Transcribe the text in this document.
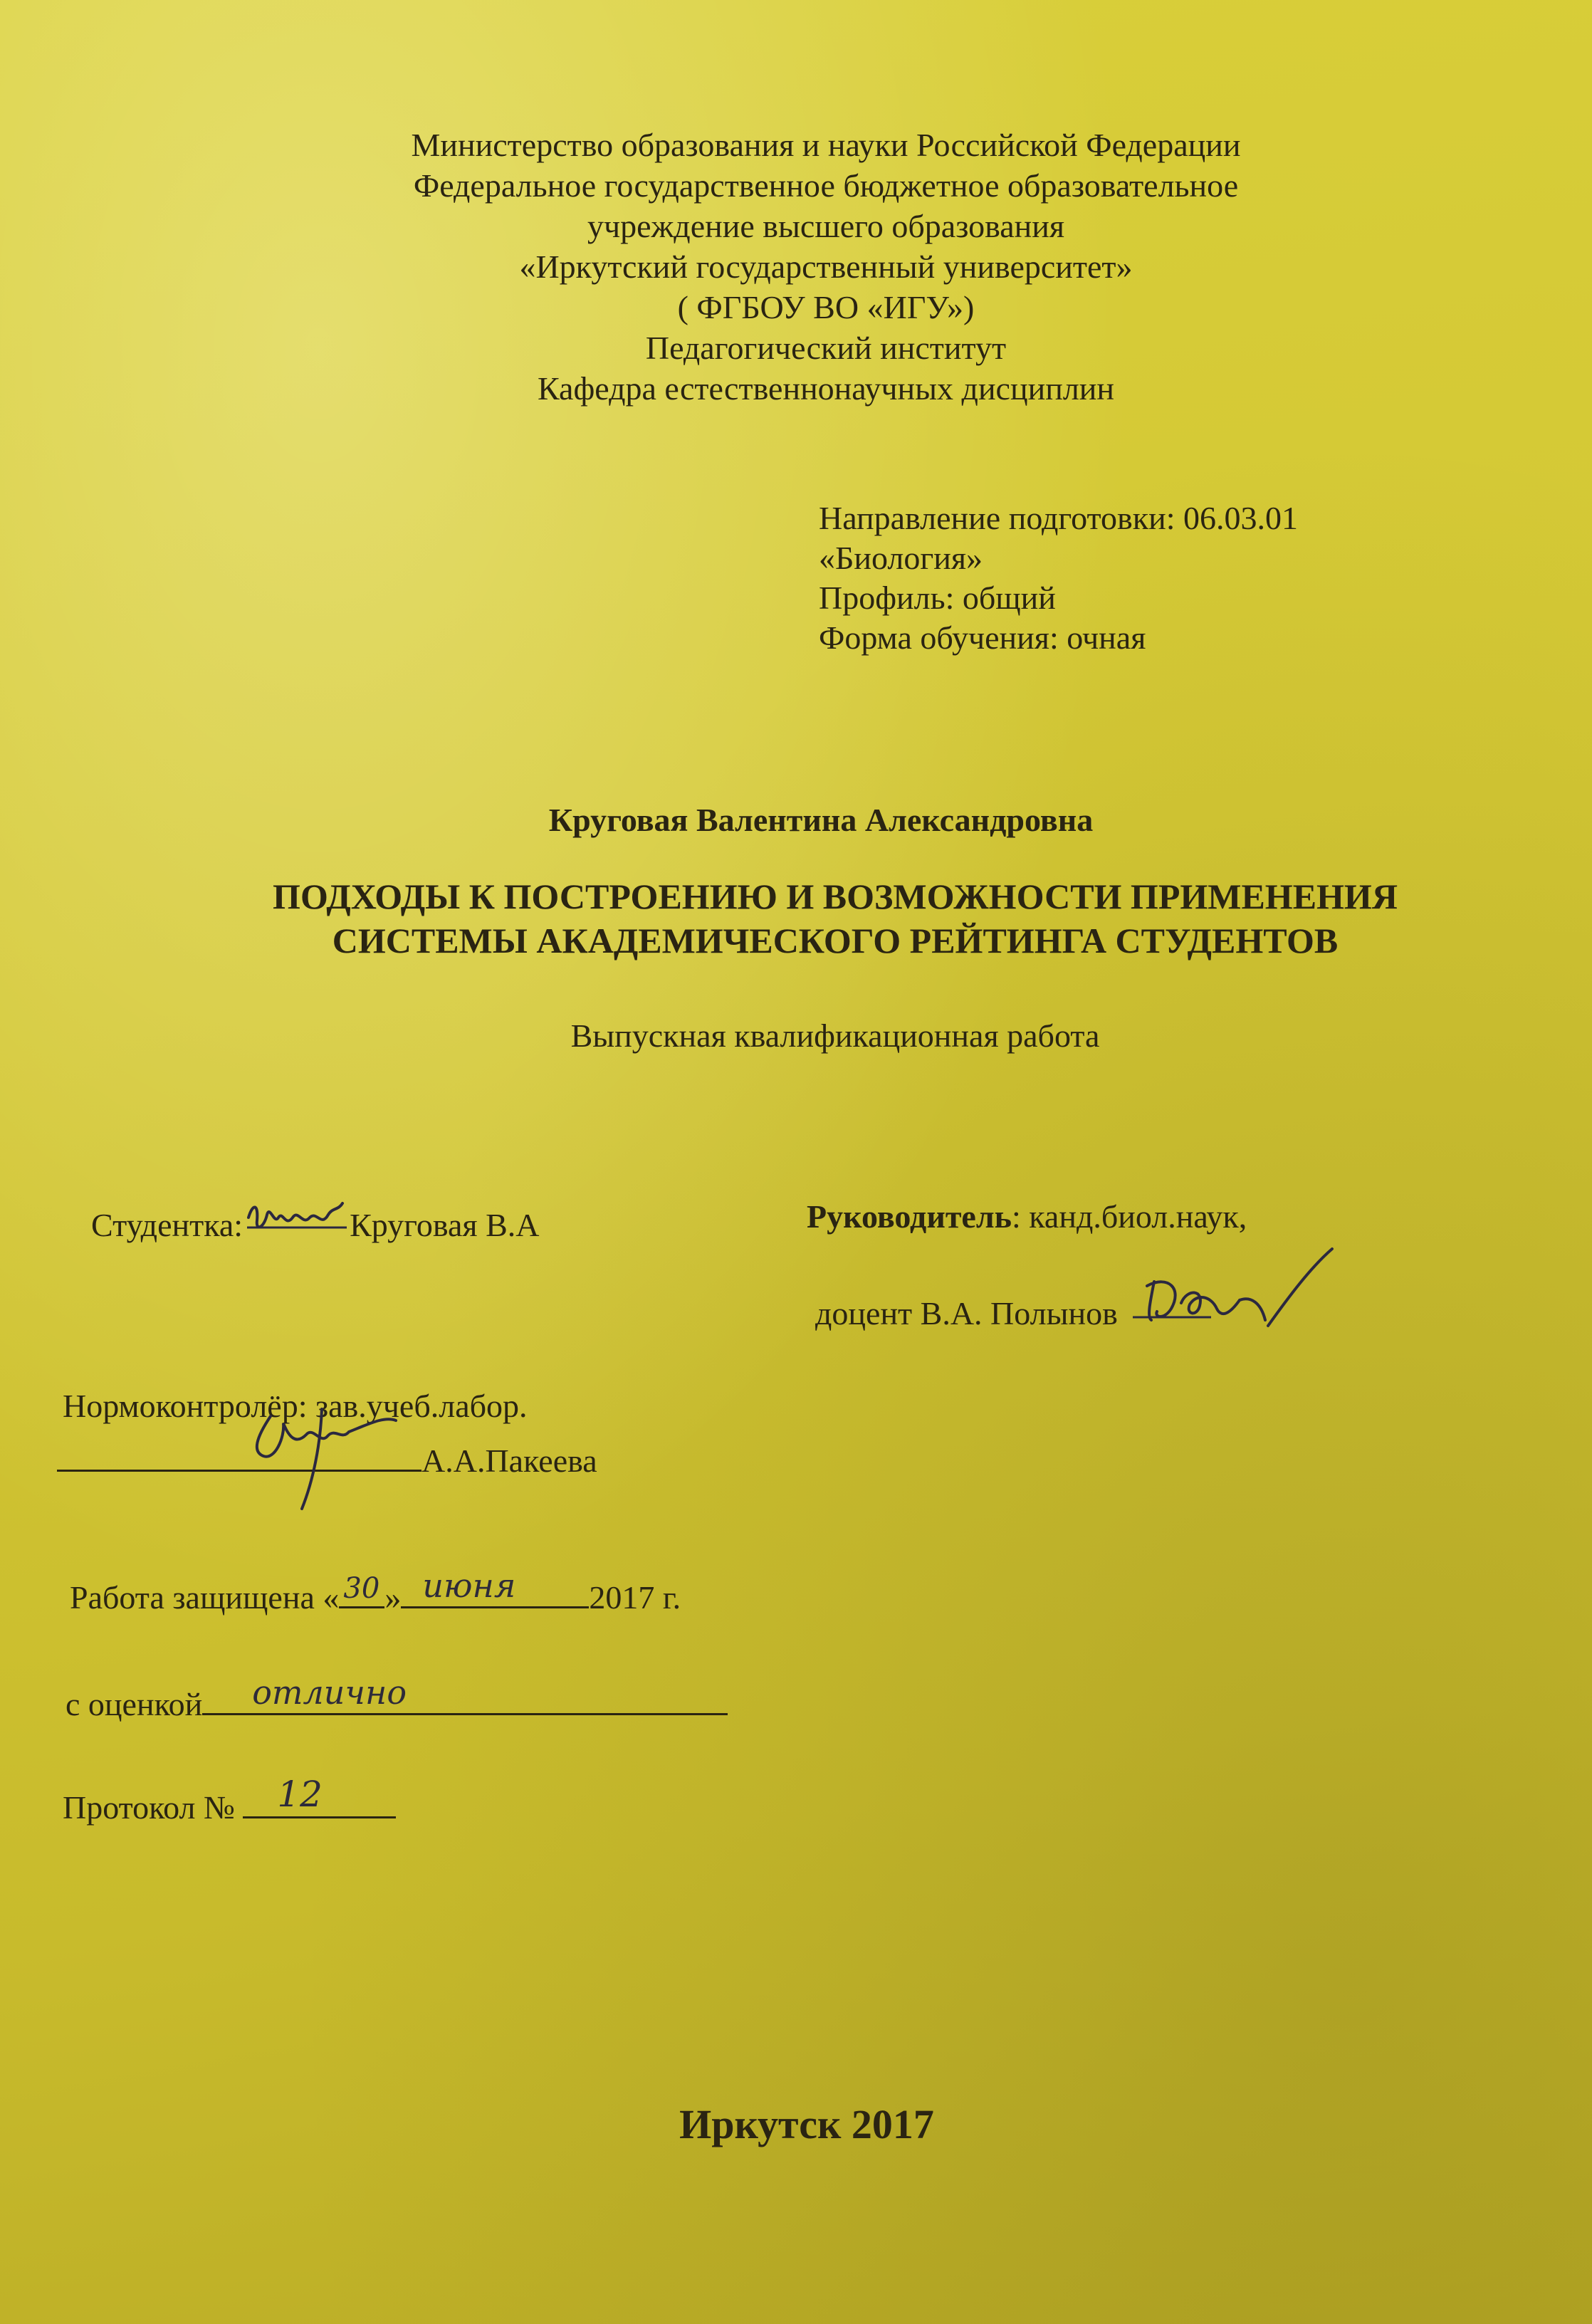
Министерство образования и науки Российской Федерации
Федеральное государственное бюджетное образовательное
учреждение высшего образования
«Иркутский государственный университет»
( ФГБОУ ВО «ИГУ»)
Педагогический институт
Кафедра естественнонаучных дисциплин
Направление подготовки: 06.03.01
«Биология»
Профиль: общий
Форма обучения: очная
Круговая Валентина Александровна
ПОДХОДЫ К ПОСТРОЕНИЮ И ВОЗМОЖНОСТИ ПРИМЕНЕНИЯ
СИСТЕМЫ АКАДЕМИЧЕСКОГО РЕЙТИНГА СТУДЕНТОВ
Выпускная квалификационная работа
Студентка:	Круговая В.А	Руководитель: канд.биол.наук,
доцент В.А. Полынов
Нормоконтролёр: зав.учеб.лабор.
А.А.Пакеева
Работа защищена « 30 » июня 2017 г.
с оценкой отлично
Протокол № 12
Иркутск 2017
